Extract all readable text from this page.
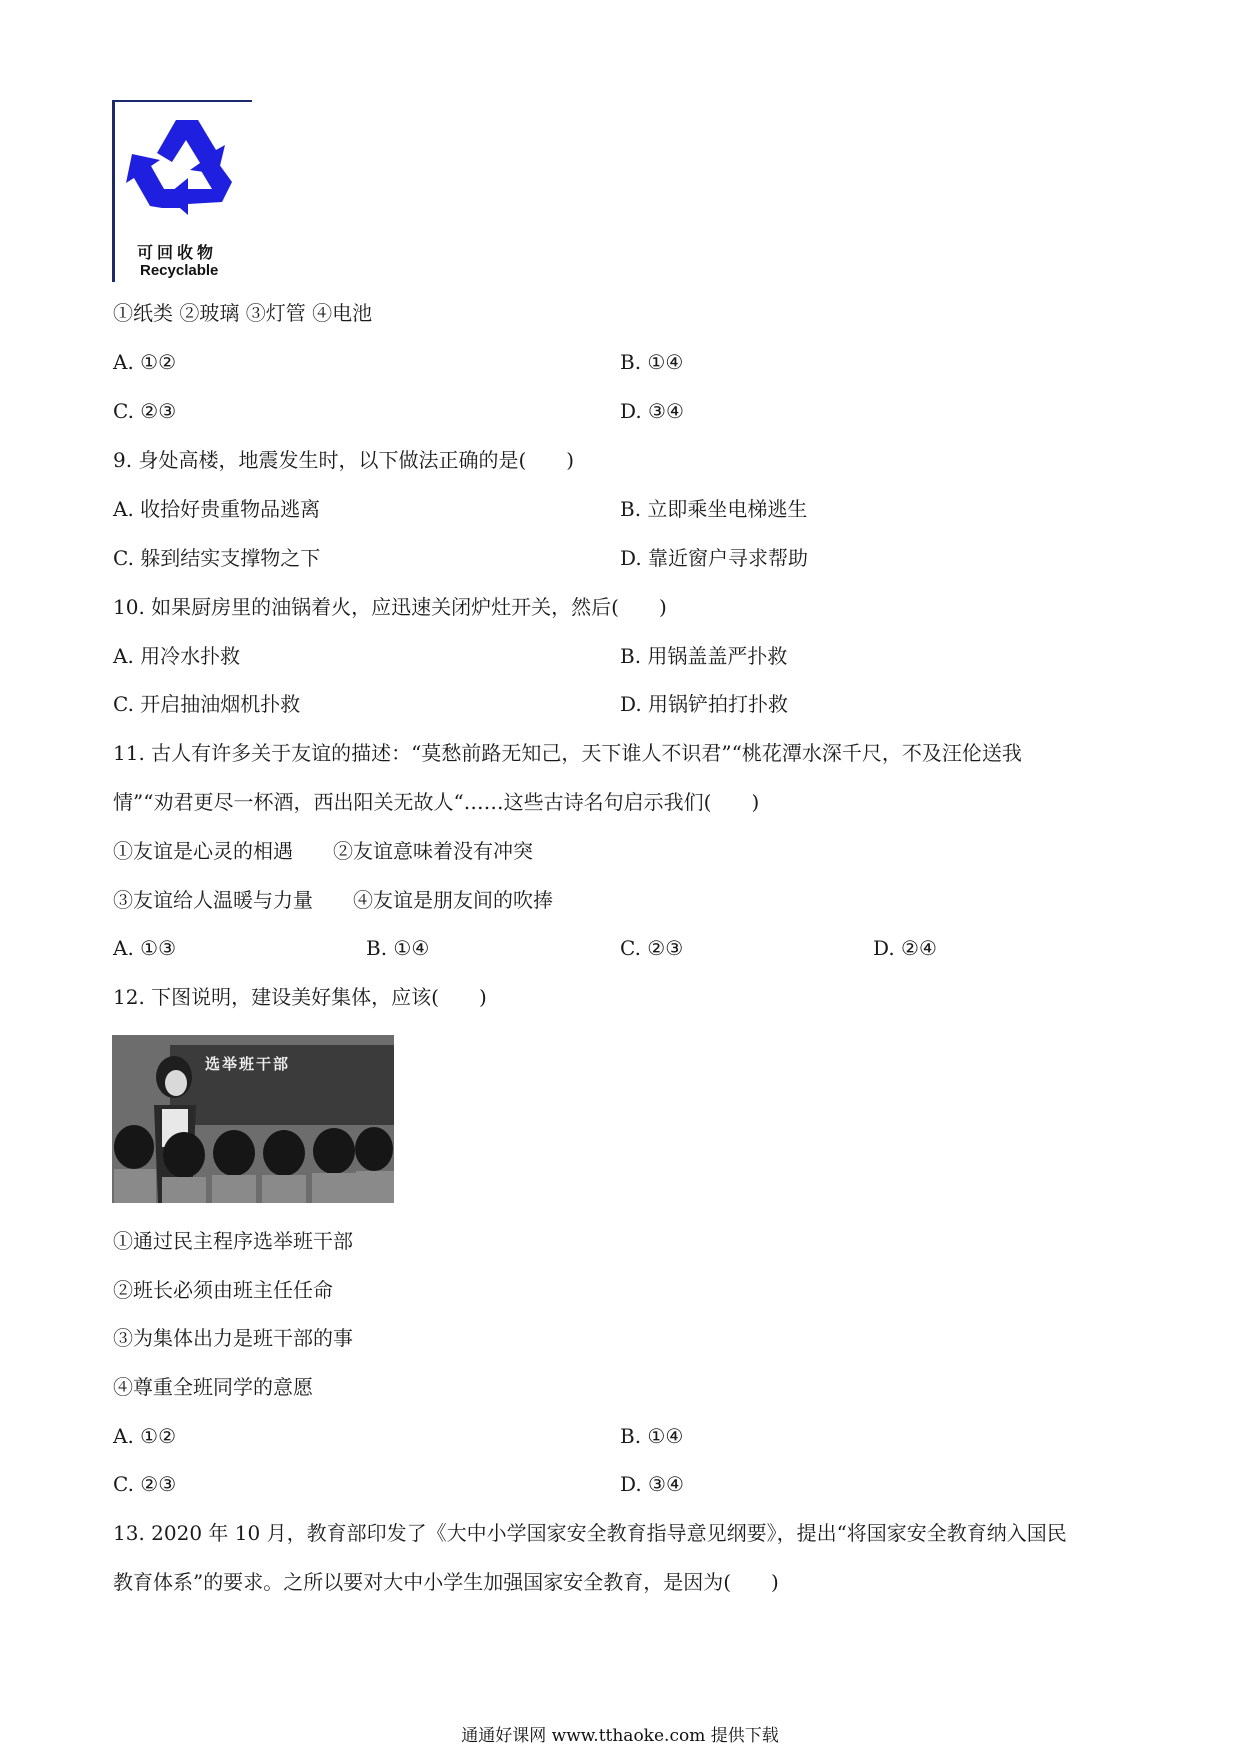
可回收物
Recyclable
①纸类 ②玻璃 ③灯管 ④电池
A. ①②	B. ①④
C. ②③	D. ③④
9. 身处高楼，地震发生时，以下做法正确的是(　　)
A. 收拾好贵重物品逃离	B. 立即乘坐电梯逃生
C. 躲到结实支撑物之下	D. 靠近窗户寻求帮助
10. 如果厨房里的油锅着火，应迅速关闭炉灶开关，然后(　　)
A. 用冷水扑救	B. 用锅盖盖严扑救
C. 开启抽油烟机扑救	D. 用锅铲拍打扑救
11. 古人有许多关于友谊的描述：“莫愁前路无知己，天下谁人不识君”“桃花潭水深千尺，不及汪伦送我
情”“劝君更尽一杯酒，西出阳关无故人“……这些古诗名句启示我们(　　)
①友谊是心灵的相遇　　②友谊意味着没有冲突
③友谊给人温暖与力量　　④友谊是朋友间的吹捧
A. ①③	B. ①④	C. ②③	D. ②④
12. 下图说明，建设美好集体，应该(　　)
选举班干部
①通过民主程序选举班干部
②班长必须由班主任任命
③为集体出力是班干部的事
④尊重全班同学的意愿
A. ①②	B. ①④
C. ②③	D. ③④
13. 2020 年 10 月，教育部印发了《大中小学国家安全教育指导意见纲要》，提出“将国家安全教育纳入国民
教育体系”的要求。之所以要对大中小学生加强国家安全教育，是因为(　　)
通通好课网 www.tthaoke.com 提供下载
